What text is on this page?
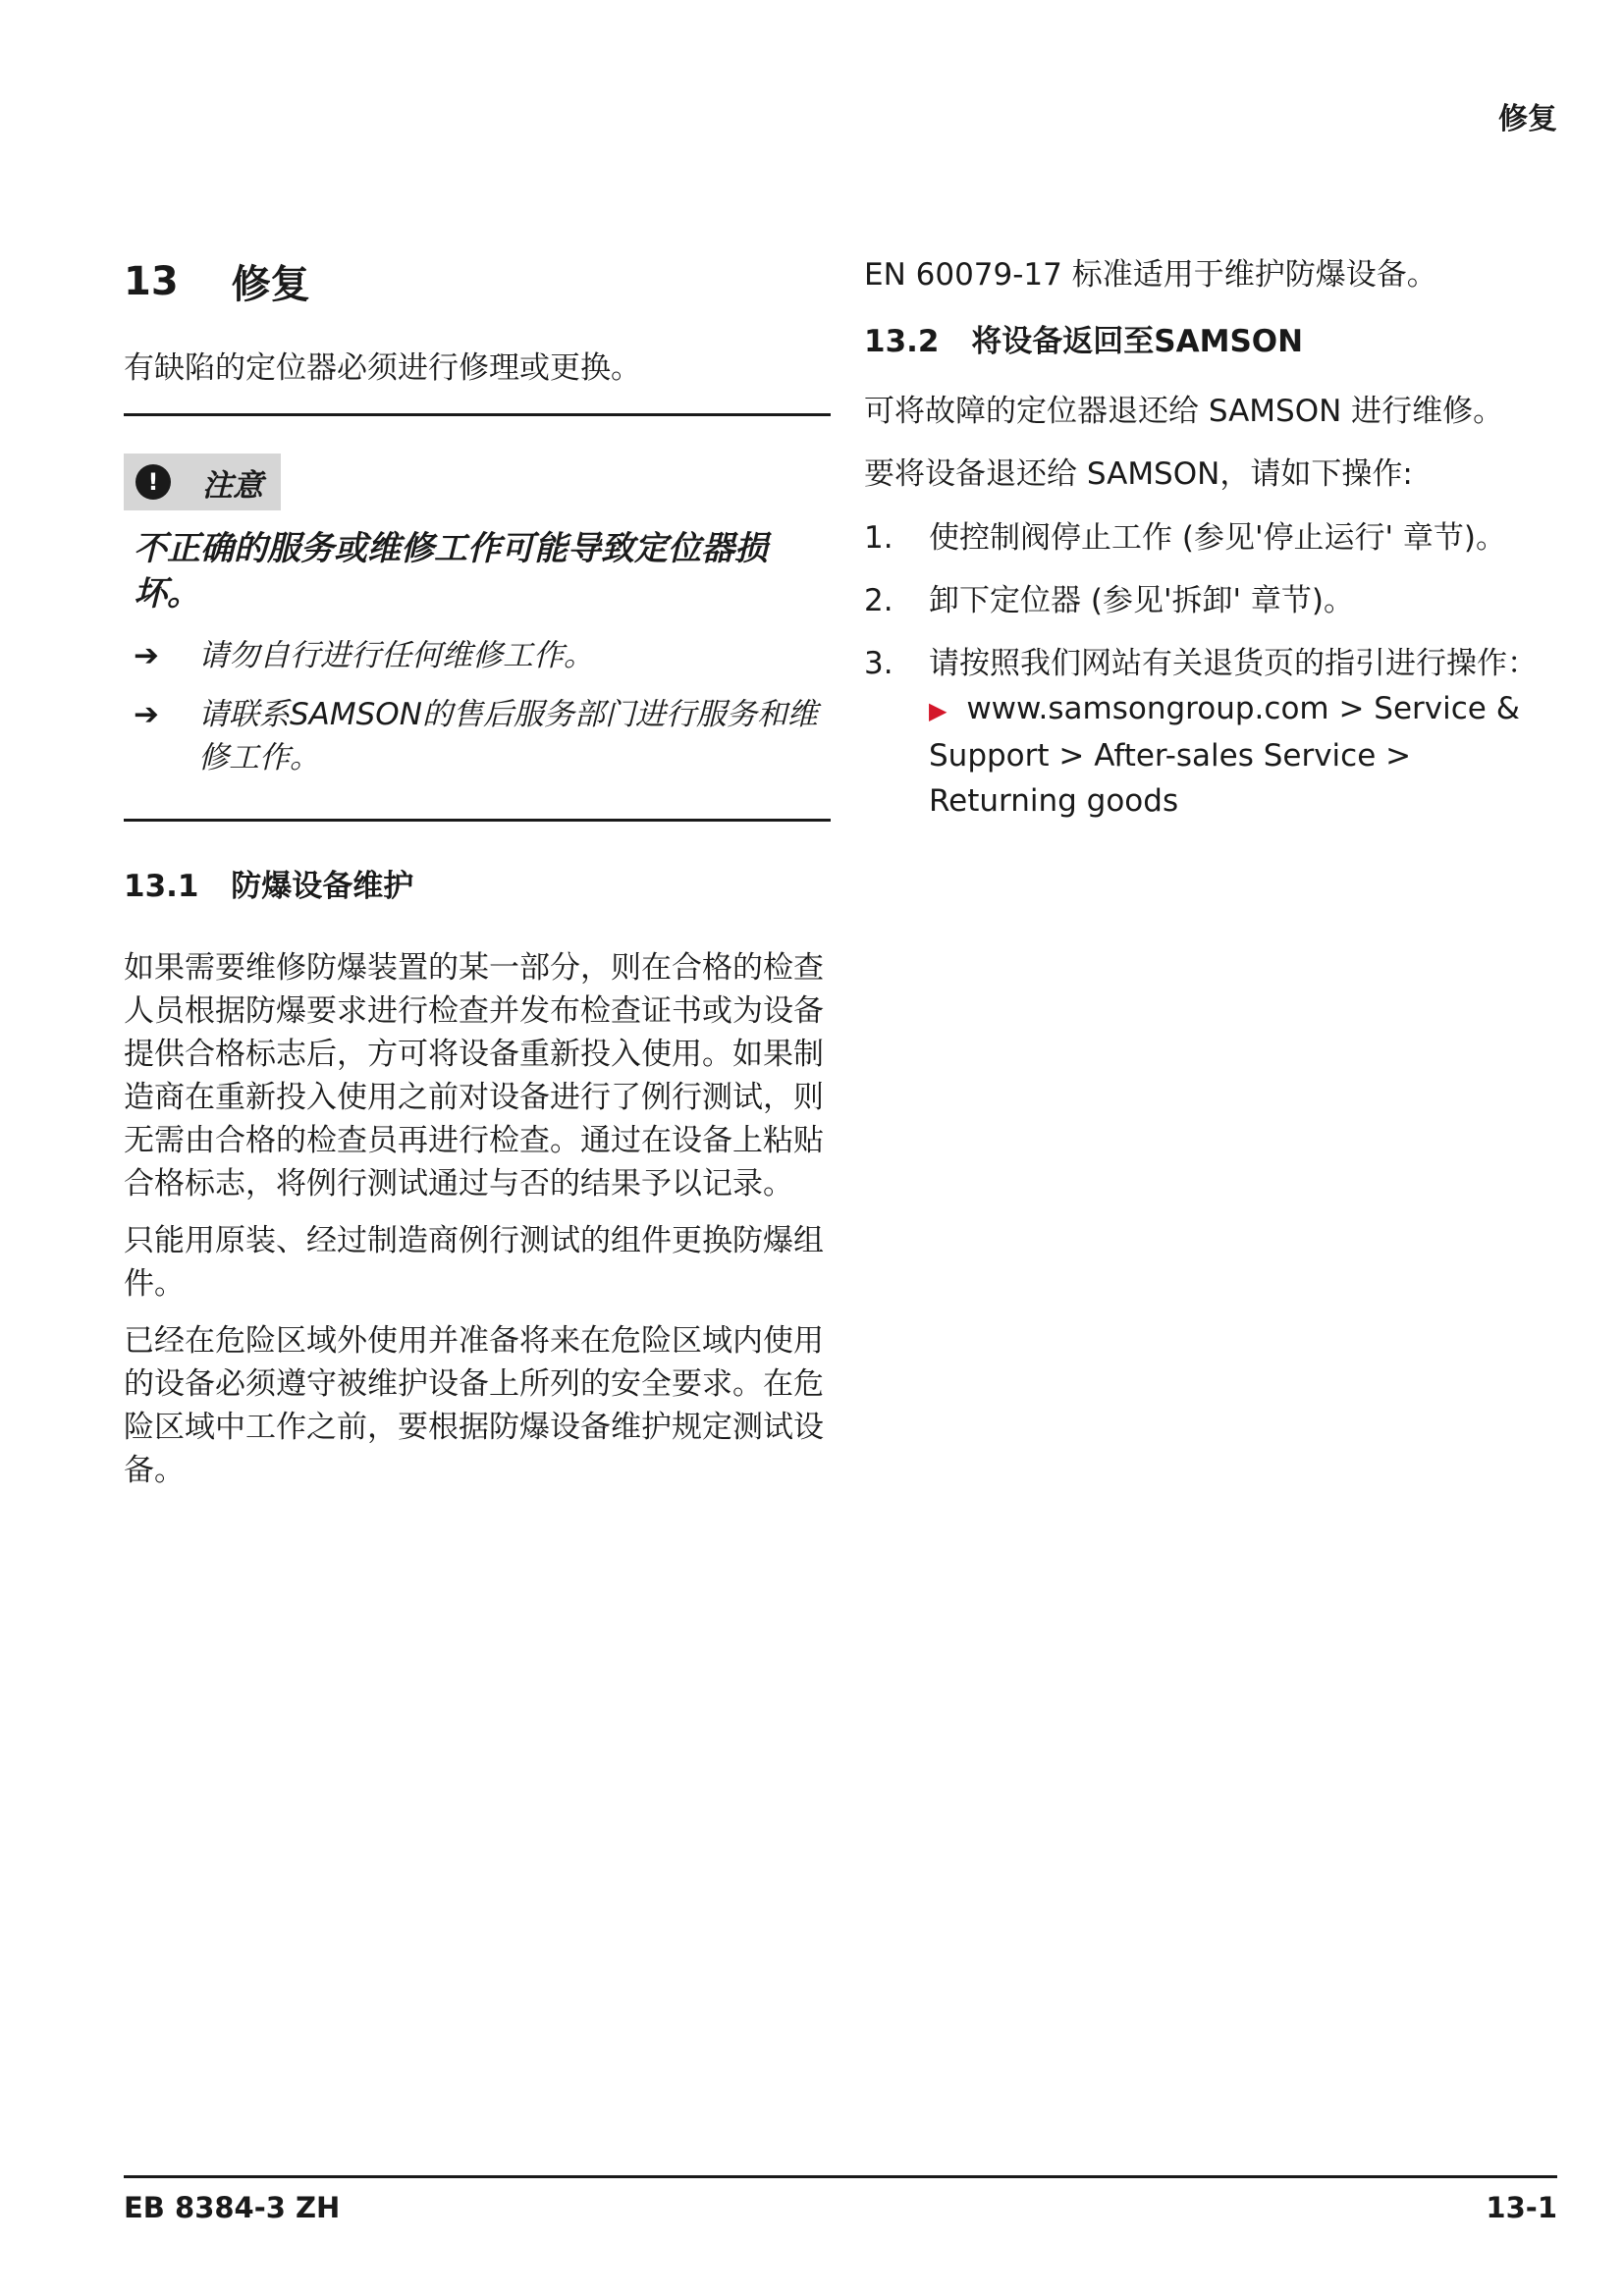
修复
13 修复

有缺陷的定位器必须进行修理或更换。

!	注意
不正确的服务或维修工作可能导致定位器损坏。
➔	请勿自行进行任何维修工作。
➔	请联系SAMSON的售后服务部门进行服务和维修工作。
13.1 防爆设备维护

如果需要维修防爆装置的某一部分，则在合格的检查人员根据防爆要求进行检查并发布检查证书或为设备提供合格标志后，方可将设备重新投入使用。如果制造商在重新投入使用之前对设备进行了例行测试，则无需由合格的检查员再进行检查。通过在设备上粘贴合格标志，将例行测试通过与否的结果予以记录。

只能用原装、经过制造商例行测试的组件更换防爆组件。

已经在危险区域外使用并准备将来在危险区域内使用的设备必须遵守被维护设备上所列的安全要求。在危险区域中工作之前，要根据防爆设备维护规定测试设备。

EN 60079-17 标准适用于维护防爆设备。

13.2 将设备返回至SAMSON

可将故障的定位器退还给 SAMSON 进行维修。

要将设备退还给 SAMSON，请如下操作:

1.	使控制阀停止工作 (参见'停止运行' 章节)。
2.	卸下定位器 (参见'拆卸' 章节)。
3.	请按照我们网站有关退货页的指引进行操作： ▶ www.samsongroup.com > Service & Support > After-sales Service > Returning goods
EB 8384-3 ZH	13-1
